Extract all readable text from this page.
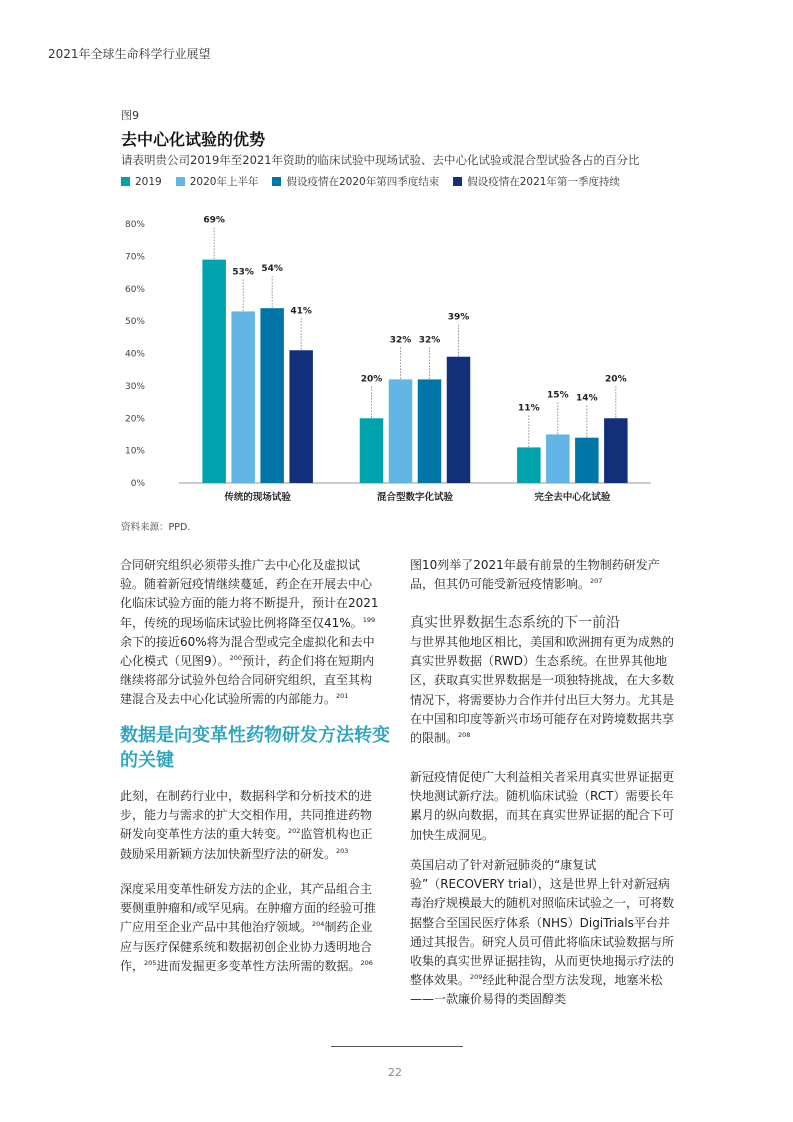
2021年全球生命科学行业展望
图9
去中心化试验的优势
请表明贵公司2019年至2021年资助的临床试验中现场试验、去中心化试验或混合型试验各占的百分比
2019	2020年上半年	假设疫情在2020年第四季度结束	假设疫情在2021年第一季度持续
0%
10%
20%
30%
40%
50%
60%
70%
80%	69%
53% 54%
41%
传统的现场试验
20%
32% 32%
39%
混合型数字化试验
11%
15% 14%
20%
完全去中心化试验
资料来源：PPD.

合同研究组织必须带头推广去中心化及虚拟试验。随着新冠疫情继续蔓延，药企在开展去中心化临床试验方面的能力将不断提升，预计在2021年，传统的现场临床试验比例将降至仅41%。$^{199}$余下的接近60%将为混合型或完全虚拟化和去中心化模式（见图9）。$^{200}$预计，药企们将在短期内继续将部分试验外包给合同研究组织，直至其构建混合及去中心化试验所需的内部能力。$^{201}$

数据是向变革性药物研发方法转变的关键

此刻，在制药行业中，数据科学和分析技术的进步，能力与需求的扩大交相作用，共同推进药物研发向变革性方法的重大转变。$^{202}$监管机构也正鼓励采用新颖方法加快新型疗法的研发。$^{203}$

深度采用变革性研发方法的企业，其产品组合主要侧重肿瘤和/或罕见病。在肿瘤方面的经验可推广应用至企业产品中其他治疗领域。$^{204}$制药企业应与医疗保健系统和数据初创企业协力透明地合作，$^{205}$进而发掘更多变革性方法所需的数据。$^{206}$

图10列举了2021年最有前景的生物制药研发产品，但其仍可能受新冠疫情影响。$^{207}$

真实世界数据生态系统的下一前沿

与世界其他地区相比，美国和欧洲拥有更为成熟的真实世界数据（RWD）生态系统。在世界其他地区，获取真实世界数据是一项独特挑战，在大多数情况下，将需要协力合作并付出巨大努力。尤其是在中国和印度等新兴市场可能存在对跨境数据共享的限制。$^{208}$

新冠疫情促使广大利益相关者采用真实世界证据更快地测试新疗法。随机临床试验（RCT）需要长年累月的纵向数据，而其在真实世界证据的配合下可加快生成洞见。

英国启动了针对新冠肺炎的“康复试验”（RECOVERY trial），这是世界上针对新冠病毒治疗规模最大的随机对照临床试验之一，可将数据整合至国民医疗体系（NHS）DigiTrials平台并通过其报告。研究人员可借此将临床试验数据与所收集的真实世界证据挂钩，从而更快地揭示疗法的整体效果。$^{209}$经此种混合型方法发现，地塞米松——一款廉价易得的类固醇类

22
